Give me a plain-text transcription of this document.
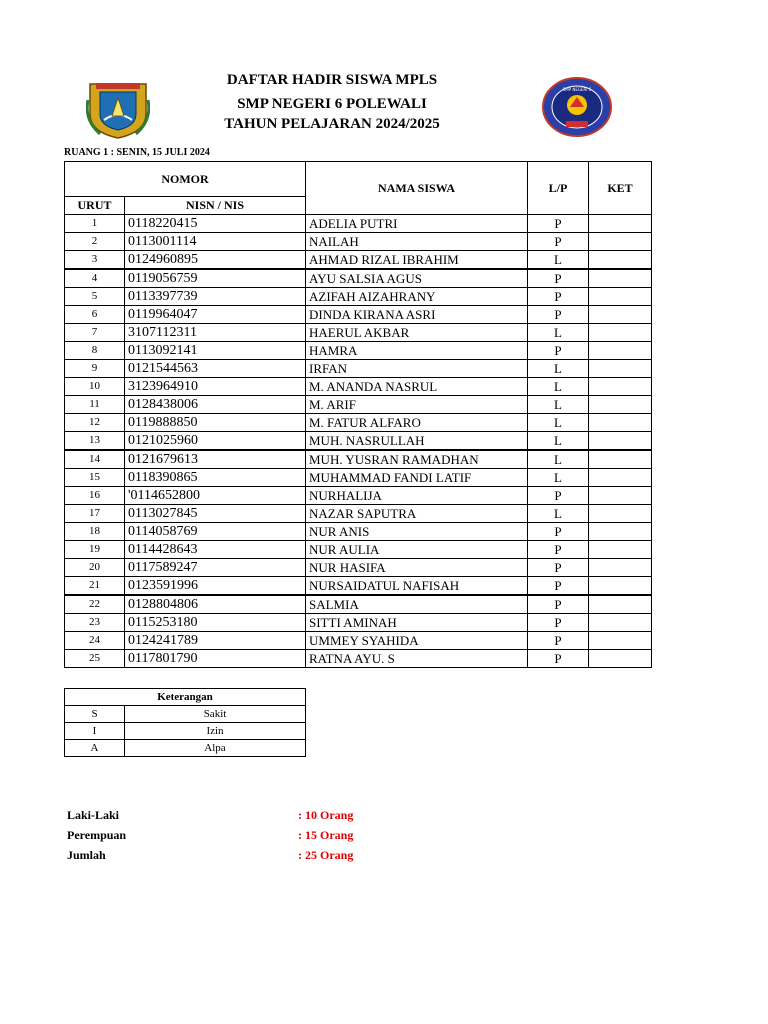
SMP NEGERI 6
DAFTAR HADIR SISWA MPLS
SMP NEGERI 6 POLEWALI
TAHUN PELAJARAN 2024/2025
RUANG 1 : SENIN, 15 JULI 2024
NOMOR		NAMA SISWA	L/P	KET
URUT	NISN / NIS			
1	0118220415	ADELIA PUTRI	P	
2	0113001114	NAILAH	P	
3	0124960895	AHMAD RIZAL IBRAHIM	L	
4	0119056759	AYU SALSIA AGUS	P	
5	0113397739	AZIFAH AIZAHRANY	P	
6	0119964047	DINDA KIRANA ASRI	P	
7	3107112311	HAERUL AKBAR	L	
8	0113092141	HAMRA	P	
9	0121544563	IRFAN	L	
10	3123964910	M. ANANDA NASRUL	L	
11	0128438006	M. ARIF	L	
12	0119888850	M. FATUR ALFARO	L	
13	0121025960	MUH. NASRULLAH	L	
14	0121679613	MUH. YUSRAN RAMADHAN	L	
15	0118390865	MUHAMMAD FANDI LATIF	L	
16	'0114652800	NURHALIJA	P	
17	0113027845	NAZAR SAPUTRA	L	
18	0114058769	NUR ANIS	P	
19	0114428643	NUR AULIA	P	
20	0117589247	NUR HASIFA	P	
21	0123591996	NURSAIDATUL NAFISAH	P	
22	0128804806	SALMIA	P	
23	0115253180	SITTI AMINAH	P	
24	0124241789	UMMEY SYAHIDA	P	
25	0117801790	RATNA AYU. S	P	
Keterangan	
S	Sakit
I	Izin
A	Alpa
Laki-Laki	: 10 Orang
Perempuan	: 15 Orang
Jumlah	: 25 Orang
